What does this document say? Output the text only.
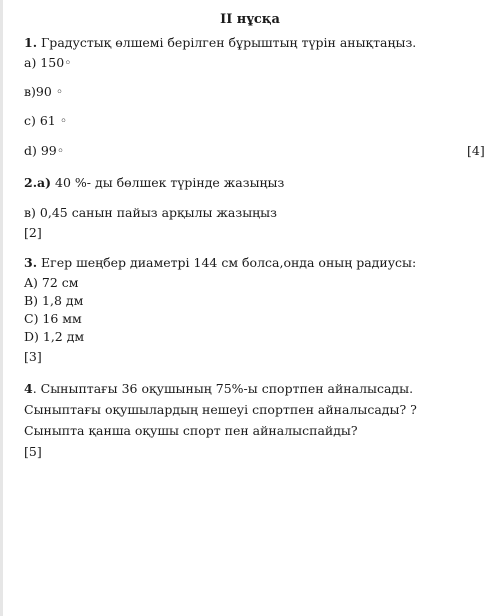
II нұсқа
1. Градустық өлшемі берілген бұрыштың түрін анықтаңыз.
а) 150◦
в)90 ◦
с) 61 ◦
d) 99◦	[4]
2.а) 40 %- ды бөлшек түрінде жазыңыз
в) 0,45 санын пайыз арқылы жазыңыз
[2]
3. Егер шеңбер диаметрі 144 см болса,онда оның радиусы:
A) 72 см
B) 1,8 дм
C) 16 мм
D) 1,2 дм
[3]
4. Сыныптағы 36 оқушының 75%-ы спортпен айналысады.
Сыныптағы оқушылардың нешеуі спортпен айналысады? ?
Сыныпта қанша оқушы спорт пен айналыспайды?
[5]
